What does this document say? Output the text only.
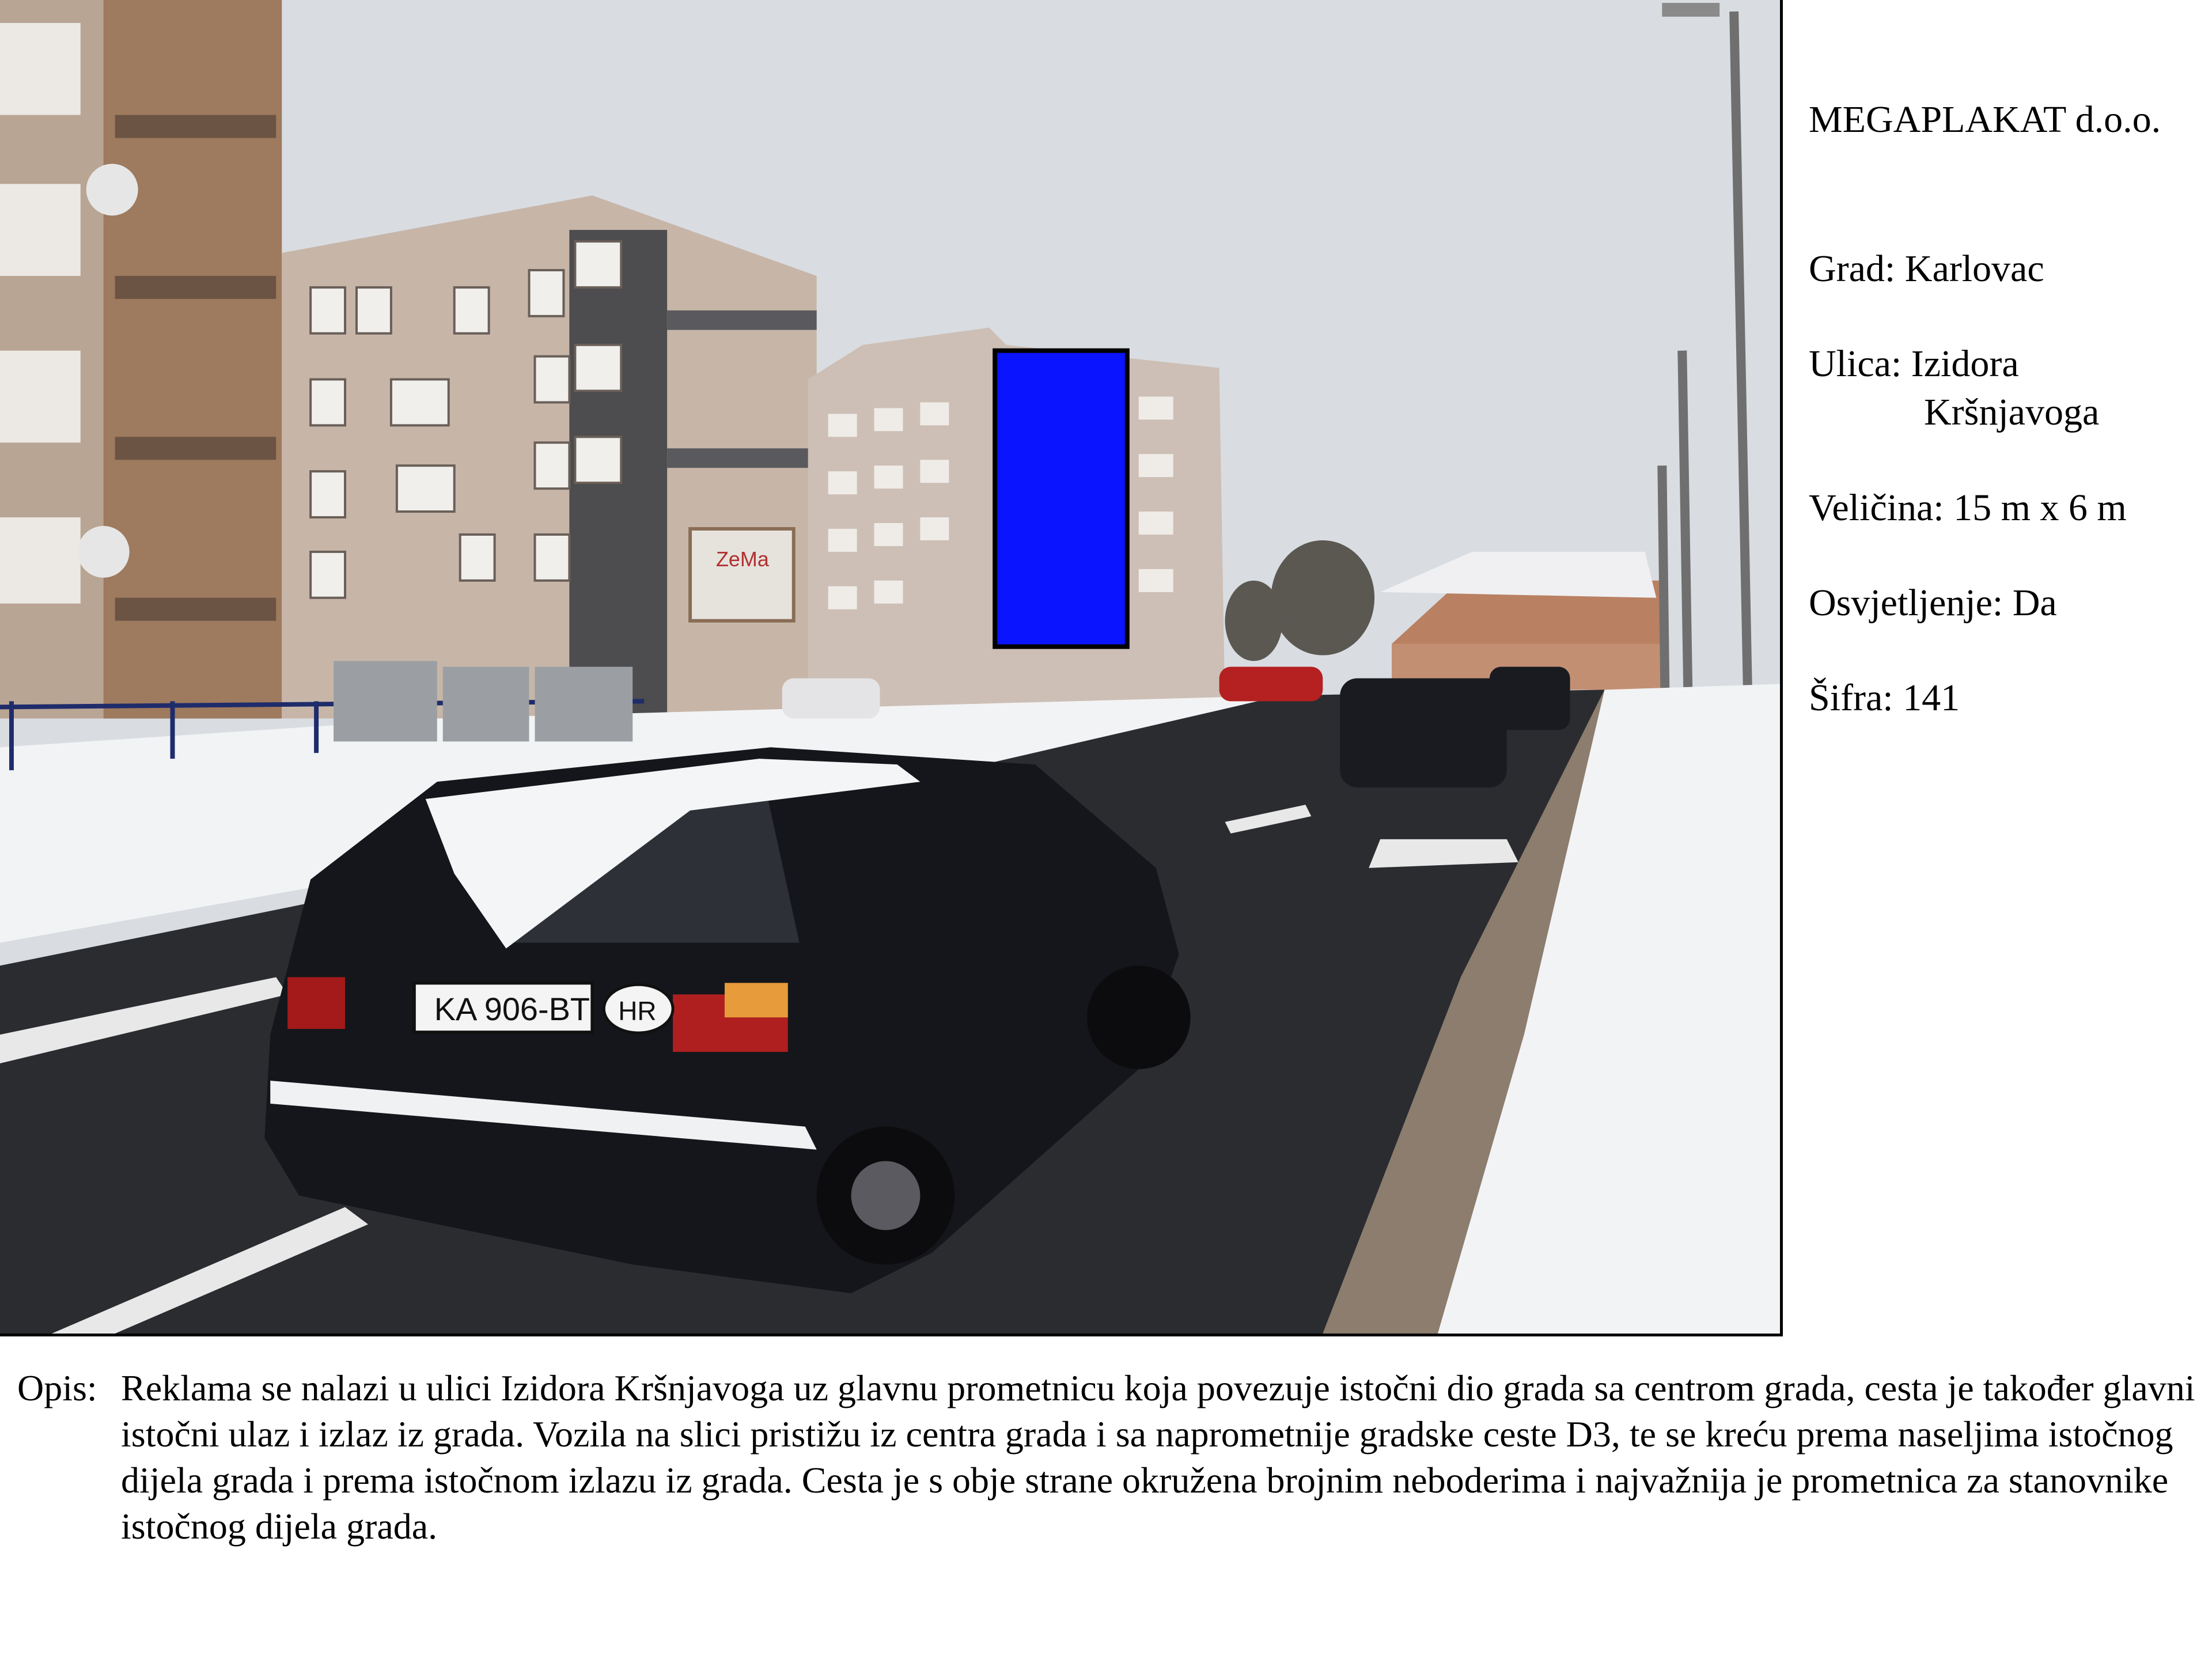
ZeMa
KA 906-BT HR
MEGAPLAKAT d.o.o.
Grad: Karlovac
Ulica: Izidora
Kršnjavoga
Veličina: 15 m x 6 m
Osvjetljenje: Da
Šifra: 141
Opis: Reklama se nalazi u ulici Izidora Kršnjavoga uz glavnu prometnicu koja povezuje istočni dio grada sa centrom grada, cesta je također glavni istočni ulaz i izlaz iz grada. Vozila na slici pristižu iz centra grada i sa naprometnije gradske ceste D3, te se kreću prema naseljima istočnog dijela grada i prema istočnom izlazu iz grada. Cesta je s obje strane okružena brojnim neboderima i najvažnija je prometnica za stanovnike istočnog dijela grada.
